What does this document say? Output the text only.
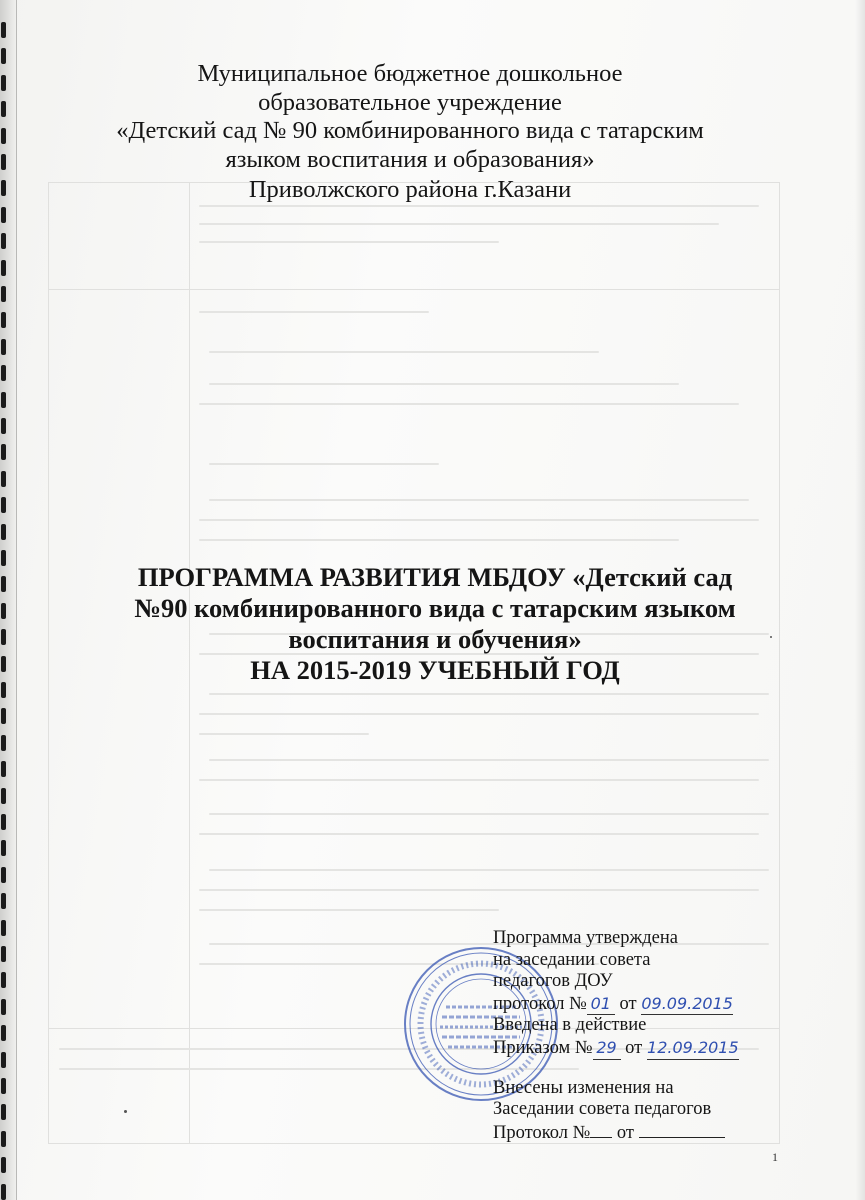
Муниципальное бюджетное дошкольное
образовательное учреждение
«Детский сад № 90 комбинированного вида с татарским
языком воспитания и образования»
Приволжского района г.Казани
ПРОГРАММА РАЗВИТИЯ МБДОУ «Детский сад
№90 комбинированного вида с татарским языком
воспитания и обучения»
НА 2015-2019 УЧЕБНЫЙ ГОД
Программа утверждена
на заседании совета
педагогов ДОУ
протокол № 01 от 09.09.2015
Введена в действие
Приказом № 29 от 12.09.2015
Внесены изменения на
Заседании совета педагогов
Протокол № от
1
